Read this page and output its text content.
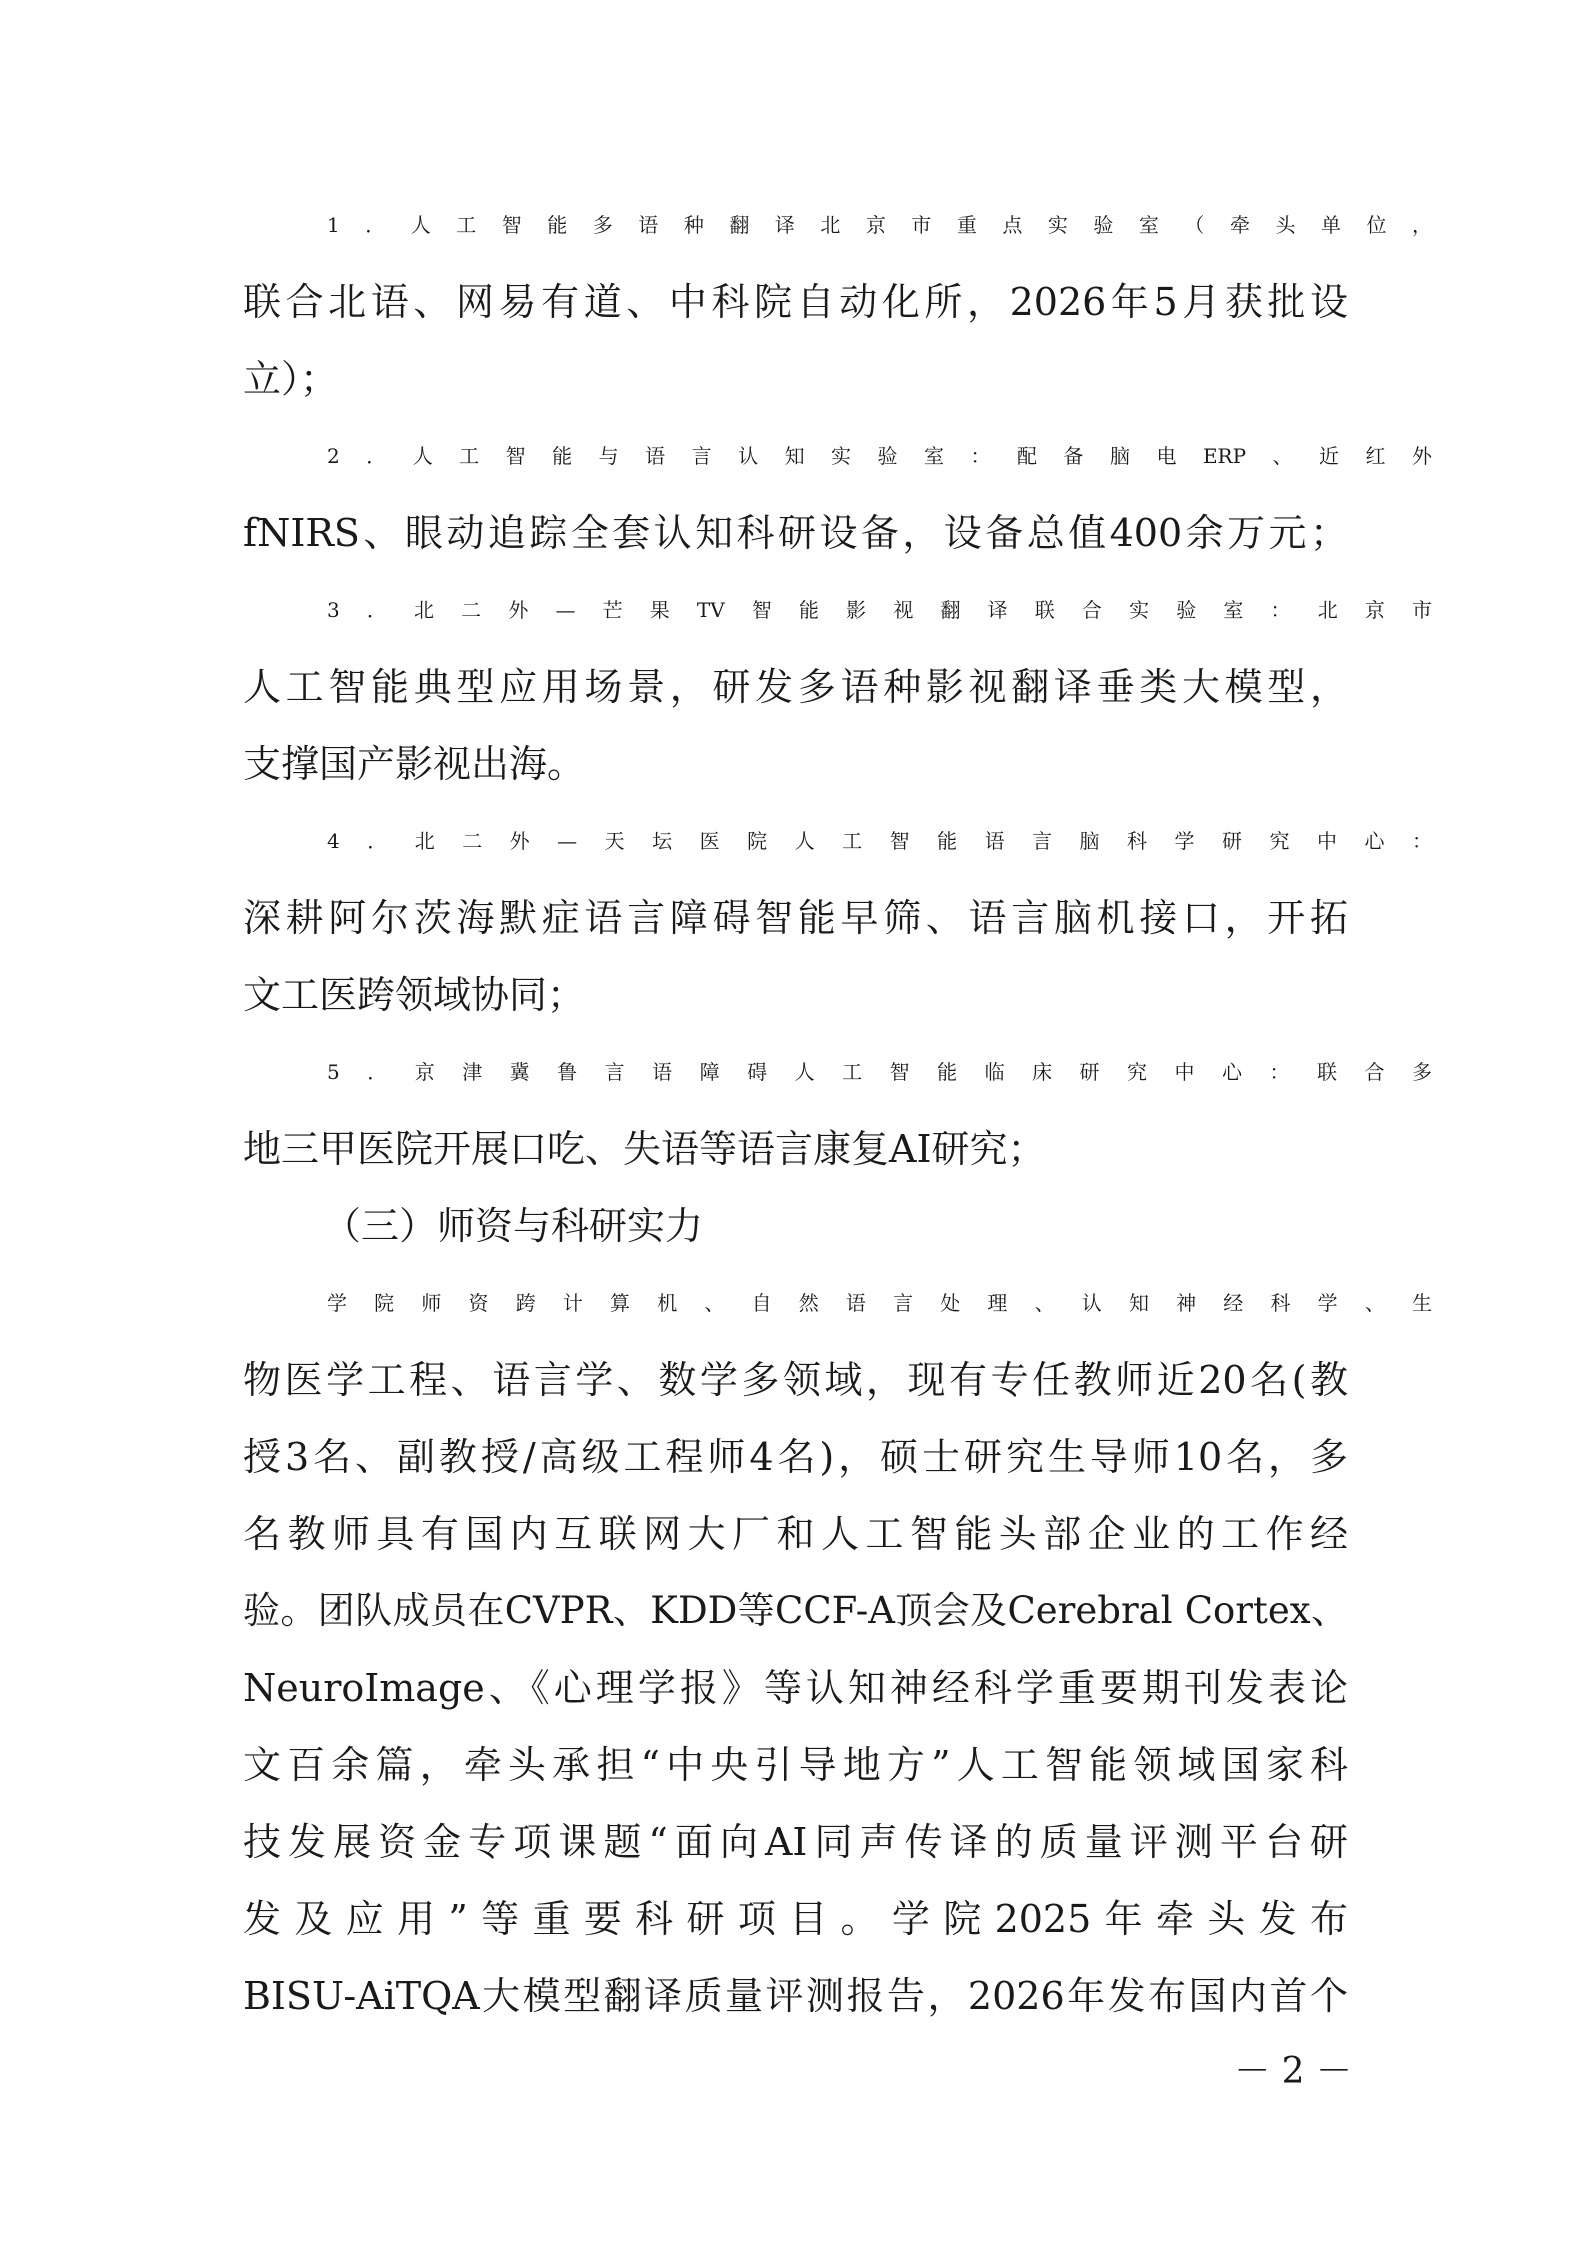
1．人工智能多语种翻译北京市重点实验室（牵头单位，
联合北语、网易有道、中科院自动化所，2026年5月获批设
立）；
2．人工智能与语言认知实验室：配备脑电ERP、近红外
fNIRS、眼动追踪全套认知科研设备，设备总值400余万元；
3．北二外—芒果TV智能影视翻译联合实验室：北京市
人工智能典型应用场景，研发多语种影视翻译垂类大模型，
支撑国产影视出海。
4．北二外—天坛医院人工智能语言脑科学研究中心：
深耕阿尔茨海默症语言障碍智能早筛、语言脑机接口，开拓
文工医跨领域协同；
5．京津冀鲁言语障碍人工智能临床研究中心：联合多
地三甲医院开展口吃、失语等语言康复AI研究；
（三）师资与科研实力
学院师资跨计算机、自然语言处理、认知神经科学、生
物医学工程、语言学、数学多领域，现有专任教师近20名(教
授3名、副教授/高级工程师4名)，硕士研究生导师10名，多
名教师具有国内互联网大厂和人工智能头部企业的工作经
验。团队成员在CVPR、KDD等CCF-A顶会及Cerebral Cortex、
NeuroImage、《心理学报》等认知神经科学重要期刊发表论
文百余篇，牵头承担“中央引导地方”人工智能领域国家科
技发展资金专项课题“面向AI同声传译的质量评测平台研
发及应用”等重要科研项目。学院2025年牵头发布
BISU-AiTQA大模型翻译质量评测报告，2026年发布国内首个
－ 2 －
